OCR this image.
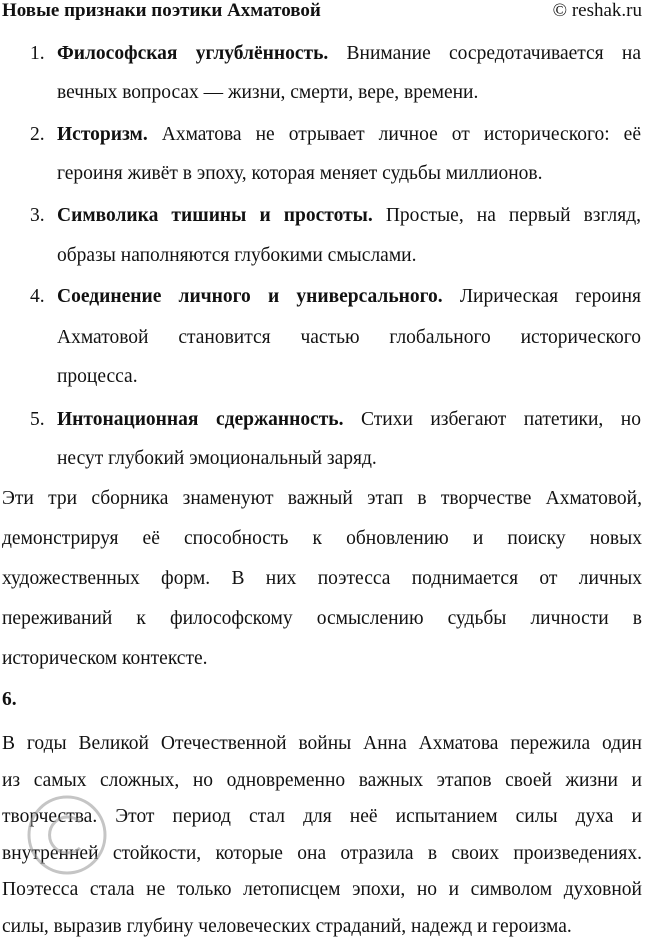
Новые признаки поэтики Ахматовой	© reshak.ru
1. Философская углублённость. Внимание сосредотачивается на
вечных вопросах — жизни, смерти, вере, времени.
2. Историзм. Ахматова не отрывает личное от исторического: её
героиня живёт в эпоху, которая меняет судьбы миллионов.
3. Символика тишины и простоты. Простые, на первый взгляд,
образы наполняются глубокими смыслами.
4. Соединение личного и универсального. Лирическая героиня
Ахматовой становится частью глобального исторического
процесса.
5. Интонационная сдержанность. Стихи избегают патетики, но
несут глубокий эмоциональный заряд.
Эти три сборника знаменуют важный этап в творчестве Ахматовой,
демонстрируя её способность к обновлению и поиску новых
художественных форм. В них поэтесса поднимается от личных
переживаний к философскому осмыслению судьбы личности в
историческом контексте.
6.
В годы Великой Отечественной войны Анна Ахматова пережила один
из самых сложных, но одновременно важных этапов своей жизни и
творчества. Этот период стал для неё испытанием силы духа и
внутренней стойкости, которые она отразила в своих произведениях.
Поэтесса стала не только летописцем эпохи, но и символом духовной
силы, выразив глубину человеческих страданий, надежд и героизма.
